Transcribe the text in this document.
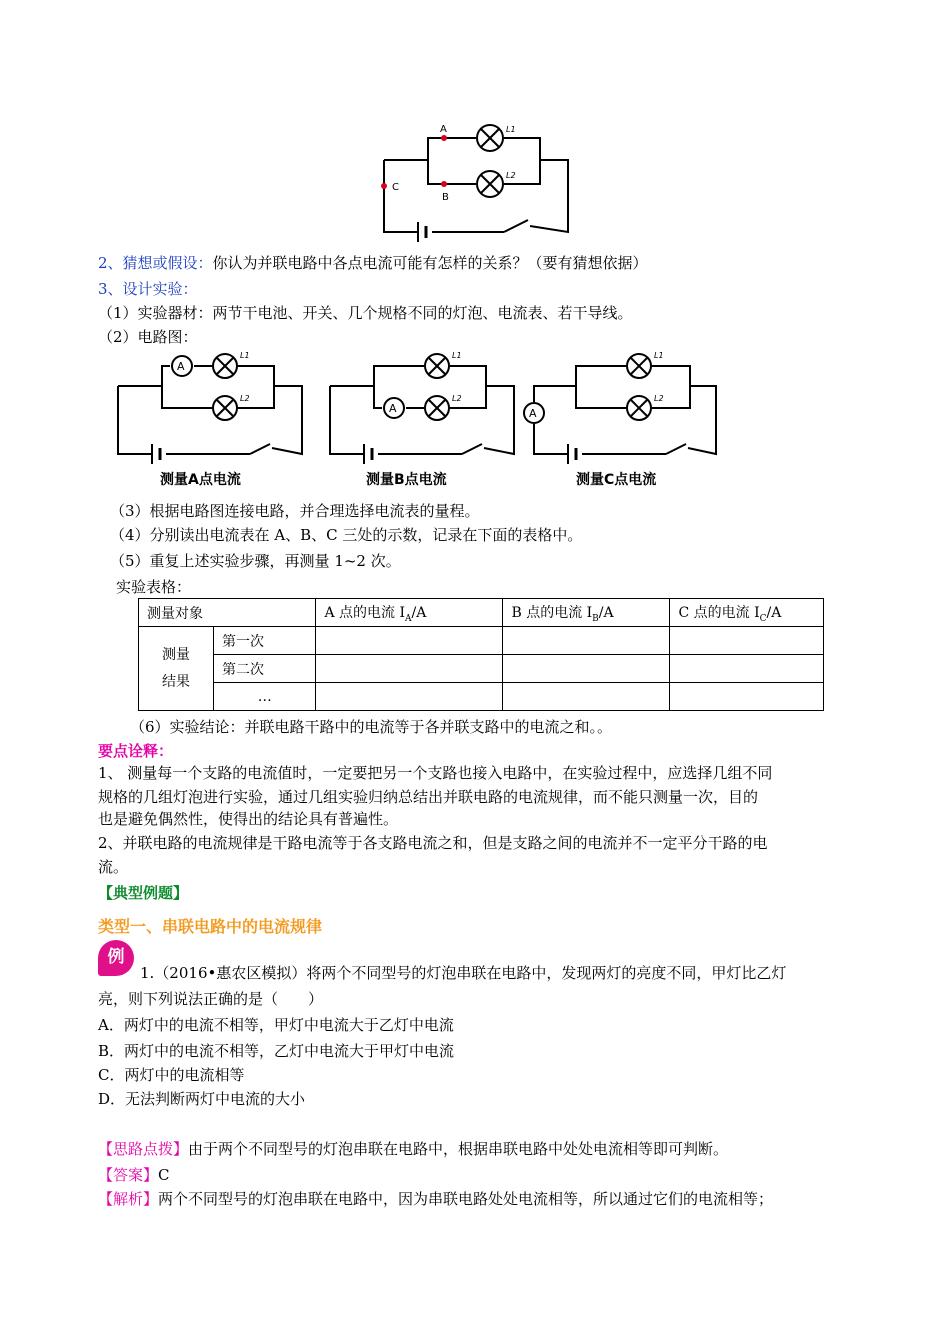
A
B
C
L1
L2
2、猜想或假设：你认为并联电路中各点电流可能有怎样的关系？（要有猜想依据）
3、设计实验：
（1）实验器材：两节干电池、开关、几个规格不同的灯泡、电流表、若干导线。
（2）电路图：
A
A	A
L1
L2
L1
L2
L1
L2
测量A点电流	测量B点电流	测量C点电流
（3）根据电路图连接电路，并合理选择电流表的量程。
（4）分别读出电流表在 A、B、C 三处的示数，记录在下面的表格中。
（5）重复上述实验步骤，再测量 1~2 次。
实验表格：
测量对象		A 点的电流 $I_A/A$	B 点的电流 $I_B/A$	C 点的电流 $I_C/A$

测量
结果	第一次			
	第二次			
	…			
（6）实验结论：并联电路干路中的电流等于各并联支路中的电流之和。。
要点诠释：
1、 测量每一个支路的电流值时，一定要把另一个支路也接入电路中，在实验过程中，应选择几组不同
规格的几组灯泡进行实验，通过几组实验归纳总结出并联电路的电流规律，而不能只测量一次，目的
也是避免偶然性，使得出的结论具有普遍性。
2、并联电路的电流规律是干路电流等于各支路电流之和，但是支路之间的电流并不一定平分干路的电
流。
【典型例题】
类型一、串联电路中的电流规律
例
1.（2016•惠农区模拟）将两个不同型号的灯泡串联在电路中，发现两灯的亮度不同，甲灯比乙灯
亮，则下列说法正确的是（　　）
A．两灯中的电流不相等，甲灯中电流大于乙灯中电流
B．两灯中的电流不相等，乙灯中电流大于甲灯中电流
C．两灯中的电流相等
D．无法判断两灯中电流的大小
【思路点拨】由于两个不同型号的灯泡串联在电路中，根据串联电路中处处电流相等即可判断。
【答案】C
【解析】两个不同型号的灯泡串联在电路中，因为串联电路处处电流相等，所以通过它们的电流相等；
